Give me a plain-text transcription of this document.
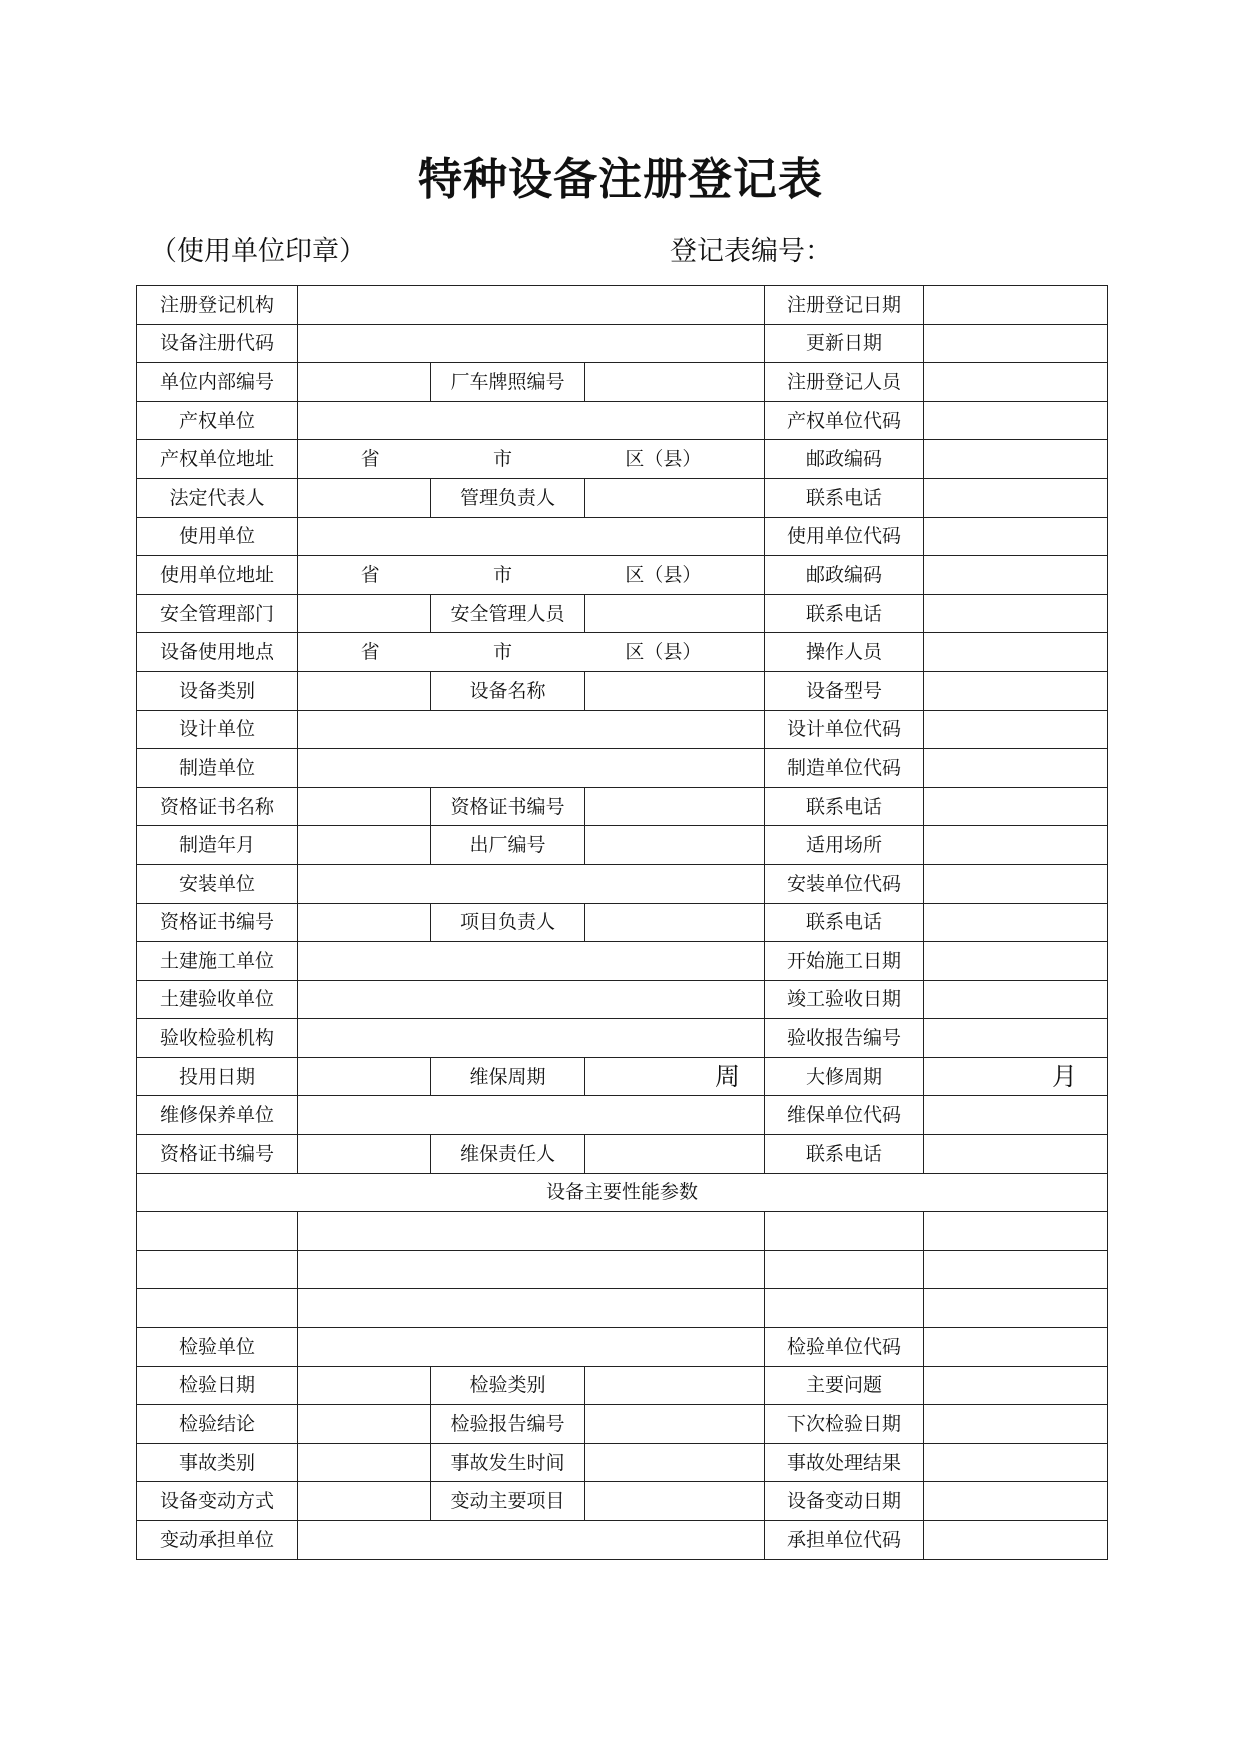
特种设备注册登记表
（使用单位印章）	登记表编号：
注册登记机构				注册登记日期	
设备注册代码				更新日期	
单位内部编号		厂车牌照编号		注册登记人员	
产权单位				产权单位代码	
产权单位地址	省 市 区（县）			邮政编码	
法定代表人		管理负责人		联系电话	
使用单位				使用单位代码	
使用单位地址	省 市 区（县）			邮政编码	
安全管理部门		安全管理人员		联系电话	
设备使用地点	省 市 区（县）			操作人员	
设备类别		设备名称		设备型号	
设计单位				设计单位代码	
制造单位				制造单位代码	
资格证书名称		资格证书编号		联系电话	
制造年月		出厂编号		适用场所	
安装单位				安装单位代码	
资格证书编号		项目负责人		联系电话	
土建施工单位				开始施工日期	
土建验收单位				竣工验收日期	
验收检验机构				验收报告编号	
投用日期		维保周期	周	大修周期	月

维修保养单位				维保单位代码	
资格证书编号		维保责任人		联系电话	
设备主要性能参数					

检验单位				检验单位代码	
检验日期		检验类别		主要问题	
检验结论		检验报告编号		下次检验日期	
事故类别		事故发生时间		事故处理结果	
设备变动方式		变动主要项目		设备变动日期	
变动承担单位				承担单位代码	
